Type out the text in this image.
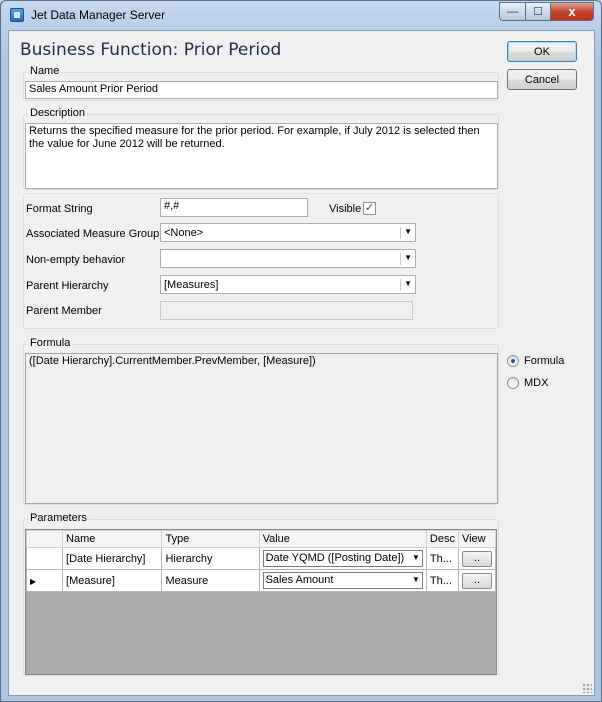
Jet Data Manager Server	—	☐	x
Business Function: Prior Period	OK
Cancel
Name
Sales Amount Prior Period
Description
Returns the specified measure for the prior period. For example, if July 2012 is selected then the value for June 2012 will be returned.
Format String	#,#	Visible ✓
Associated Measure Group <None>	▼
Non-empty behavior	▼
Parent Hierarchy	[Measures]	▼
Parent Member
Formula
([Date Hierarchy].CurrentMember.PrevMember, [Measure])	Formula
MDX
Parameters
	Name	Type	Value	Desc	View
	[Date Hierarchy]	Hierarchy	Date YQMD ([Posting Date]) ▼	Th...	..
▶	[Measure]	Measure	Sales Amount ▼	Th...	..
